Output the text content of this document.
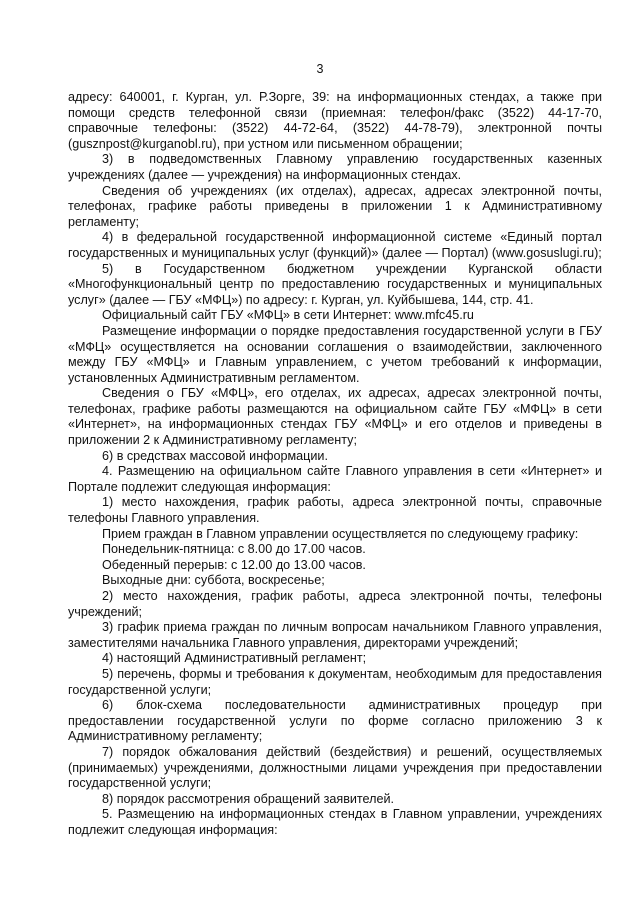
3

адресу: 640001, г. Курган, ул. Р.Зорге, 39: на информационных стендах, а также при помощи средств телефонной связи (приемная: телефон/факс (3522) 44-17-70, справочные телефоны: (3522) 44-72-64, (3522) 44-78-79), электронной почты (gusznpost@kurganobl.ru), при устном или письменном обращении;

3) в подведомственных Главному управлению государственных казенных учреждениях (далее — учреждения) на информационных стендах.

Сведения об учреждениях (их отделах), адресах, адресах электронной почты, телефонах, графике работы приведены в приложении 1 к Административному регламенту;

4) в федеральной государственной информационной системе «Единый портал государственных и муниципальных услуг (функций)» (далее — Портал) (www.gosuslugi.ru);

5) в Государственном бюджетном учреждении Курганской области «Многофункциональный центр по предоставлению государственных и муниципальных услуг» (далее — ГБУ «МФЦ») по адресу: г. Курган, ул. Куйбышева, 144, стр. 41.

Официальный сайт ГБУ «МФЦ» в сети Интернет: www.mfc45.ru

Размещение информации о порядке предоставления государственной услуги в ГБУ «МФЦ» осуществляется на основании соглашения о взаимодействии, заключенного между ГБУ «МФЦ» и Главным управлением, с учетом требований к информации, установленных Административным регламентом.

Сведения о ГБУ «МФЦ», его отделах, их адресах, адресах электронной почты, телефонах, графике работы размещаются на официальном сайте ГБУ «МФЦ» в сети «Интернет», на информационных стендах ГБУ «МФЦ» и его отделов и приведены в приложении 2 к Административному регламенту;

6) в средствах массовой информации.

4. Размещению на официальном сайте Главного управления в сети «Интернет» и Портале подлежит следующая информация:

1) место нахождения, график работы, адреса электронной почты, справочные телефоны Главного управления.

Прием граждан в Главном управлении осуществляется по следующему графику:

Понедельник-пятница: с 8.00 до 17.00 часов.

Обеденный перерыв: с 12.00 до 13.00 часов.

Выходные дни: суббота, воскресенье;

2) место нахождения, график работы, адреса электронной почты, телефоны учреждений;

3) график приема граждан по личным вопросам начальником Главного управления, заместителями начальника Главного управления, директорами учреждений;

4) настоящий Административный регламент;

5) перечень, формы и требования к документам, необходимым для предоставления государственной услуги;

6) блок-схема последовательности административных процедур при предоставлении государственной услуги по форме согласно приложению 3 к Административному регламенту;

7) порядок обжалования действий (бездействия) и решений, осуществляемых (принимаемых) учреждениями, должностными лицами учреждения при предоставлении государственной услуги;

8) порядок рассмотрения обращений заявителей.

5. Размещению на информационных стендах в Главном управлении, учреждениях подлежит следующая информация:
